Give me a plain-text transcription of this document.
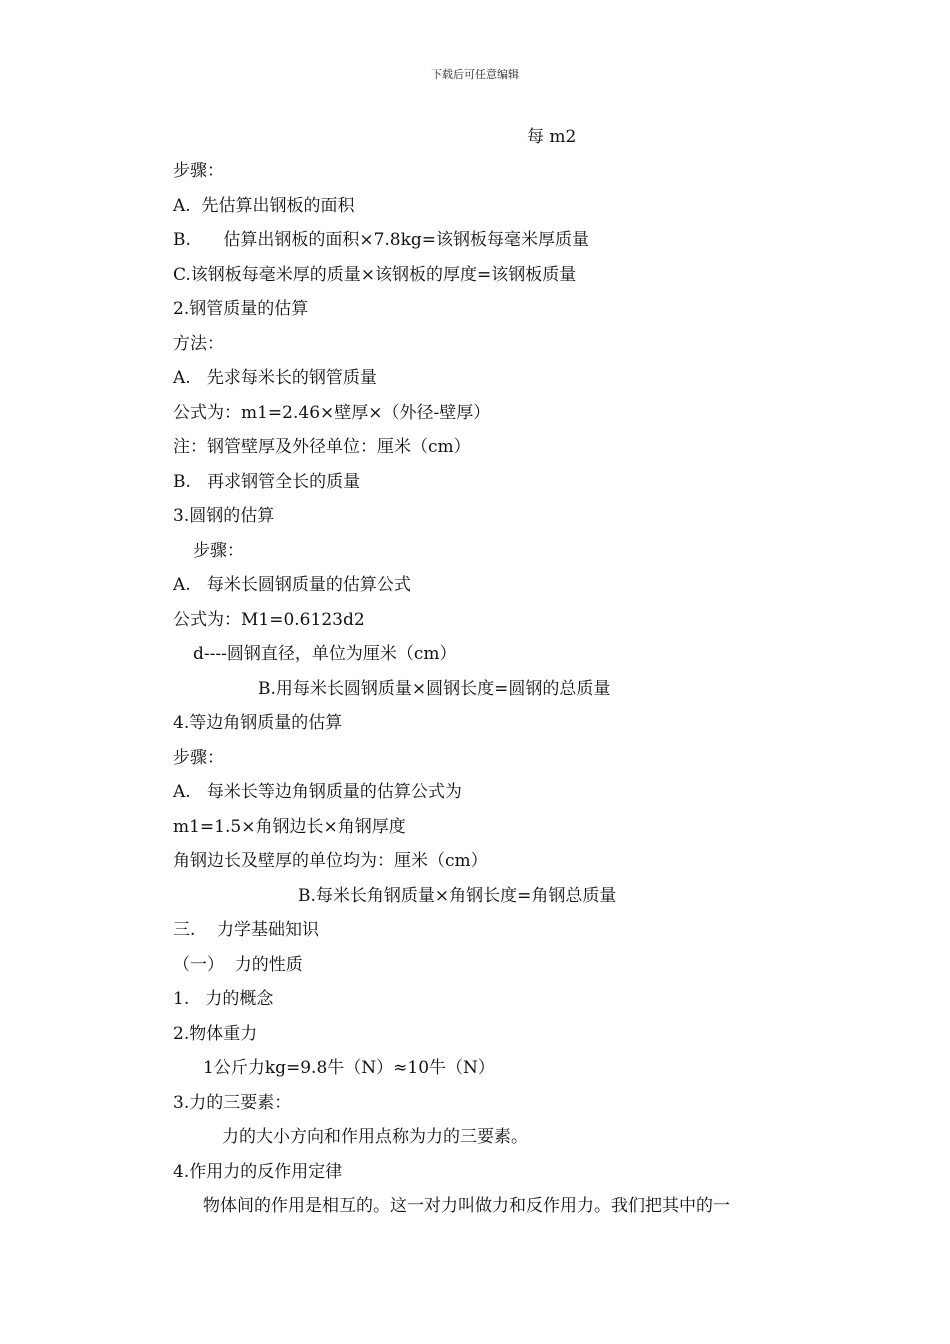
下载后可任意编辑
每 m2
步骤：
A.  先估算出钢板的面积
B.      估算出钢板的面积×7.8kg=该钢板每毫米厚质量
C.该钢板每毫米厚的质量×该钢板的厚度=该钢板质量
2.钢管质量的估算
方法：
A.   先求每米长的钢管质量
公式为：m1=2.46×壁厚×（外径-壁厚）
注：钢管壁厚及外径单位：厘米（cm）
B.   再求钢管全长的质量
3.圆钢的估算
步骤：
A.   每米长圆钢质量的估算公式
公式为：M1=0.6123d2
d----圆钢直径，单位为厘米（cm）
B.用每米长圆钢质量×圆钢长度=圆钢的总质量
4.等边角钢质量的估算
步骤：
A.   每米长等边角钢质量的估算公式为
m1=1.5×角钢边长×角钢厚度
角钢边长及壁厚的单位均为：厘米（cm）
B.每米长角钢质量×角钢长度=角钢总质量
三.    力学基础知识
（一）  力的性质
1.   力的概念
2.物体重力
1公斤力kg=9.8牛（N）≈10牛（N）
3.力的三要素：
力的大小方向和作用点称为力的三要素。
4.作用力的反作用定律
物体间的作用是相互的。这一对力叫做力和反作用力。我们把其中的一
